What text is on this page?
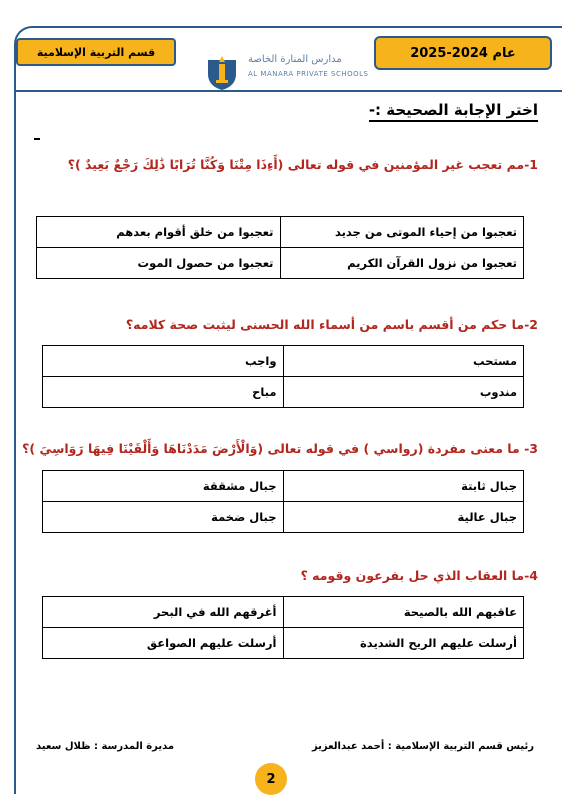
عام 2024-2025
قسم التربية الإسلامية
مدارس المنارة الخاصة
AL MANARA PRIVATE SCHOOLS
اختر الإجابة الصحيحة :-
1-مم تعجب غير المؤمنين في قوله تعالى (أَءِذَا مِتْنَا وَكُنَّا تُرَابًا ذَٰلِكَ رَجْعٌ بَعِيدٌ )؟
تعجبوا من إحياء الموتى من جديد	تعجبوا من خلق أقوام بعدهم
تعجبوا من نزول القرآن الكريم	تعجبوا من حصول الموت
2-ما حكم من أقسم باسم من أسماء الله الحسنى ليثبت صحة كلامه؟
مستحب	واجب
مندوب	مباح
3- ما معنى مفردة (رواسي ) في قوله تعالى (وَالْأَرْضَ مَدَدْنَاهَا وَأَلْقَيْنَا فِيهَا رَوَاسِيَ )؟
جبال ثابتة	جبال مشققة
جبال عالية	جبال ضخمة
4-ما العقاب الذي حل بفرعون وقومه ؟
عاقبهم الله بالصيحة	أغرقهم الله في البحر
أرسلت عليهم الريح الشديدة	أرسلت عليهم الصواعق
رئيس قسم التربية الإسلامية : أحمد عبدالعزيز
مديرة المدرسة : ظلال سعيد
2
